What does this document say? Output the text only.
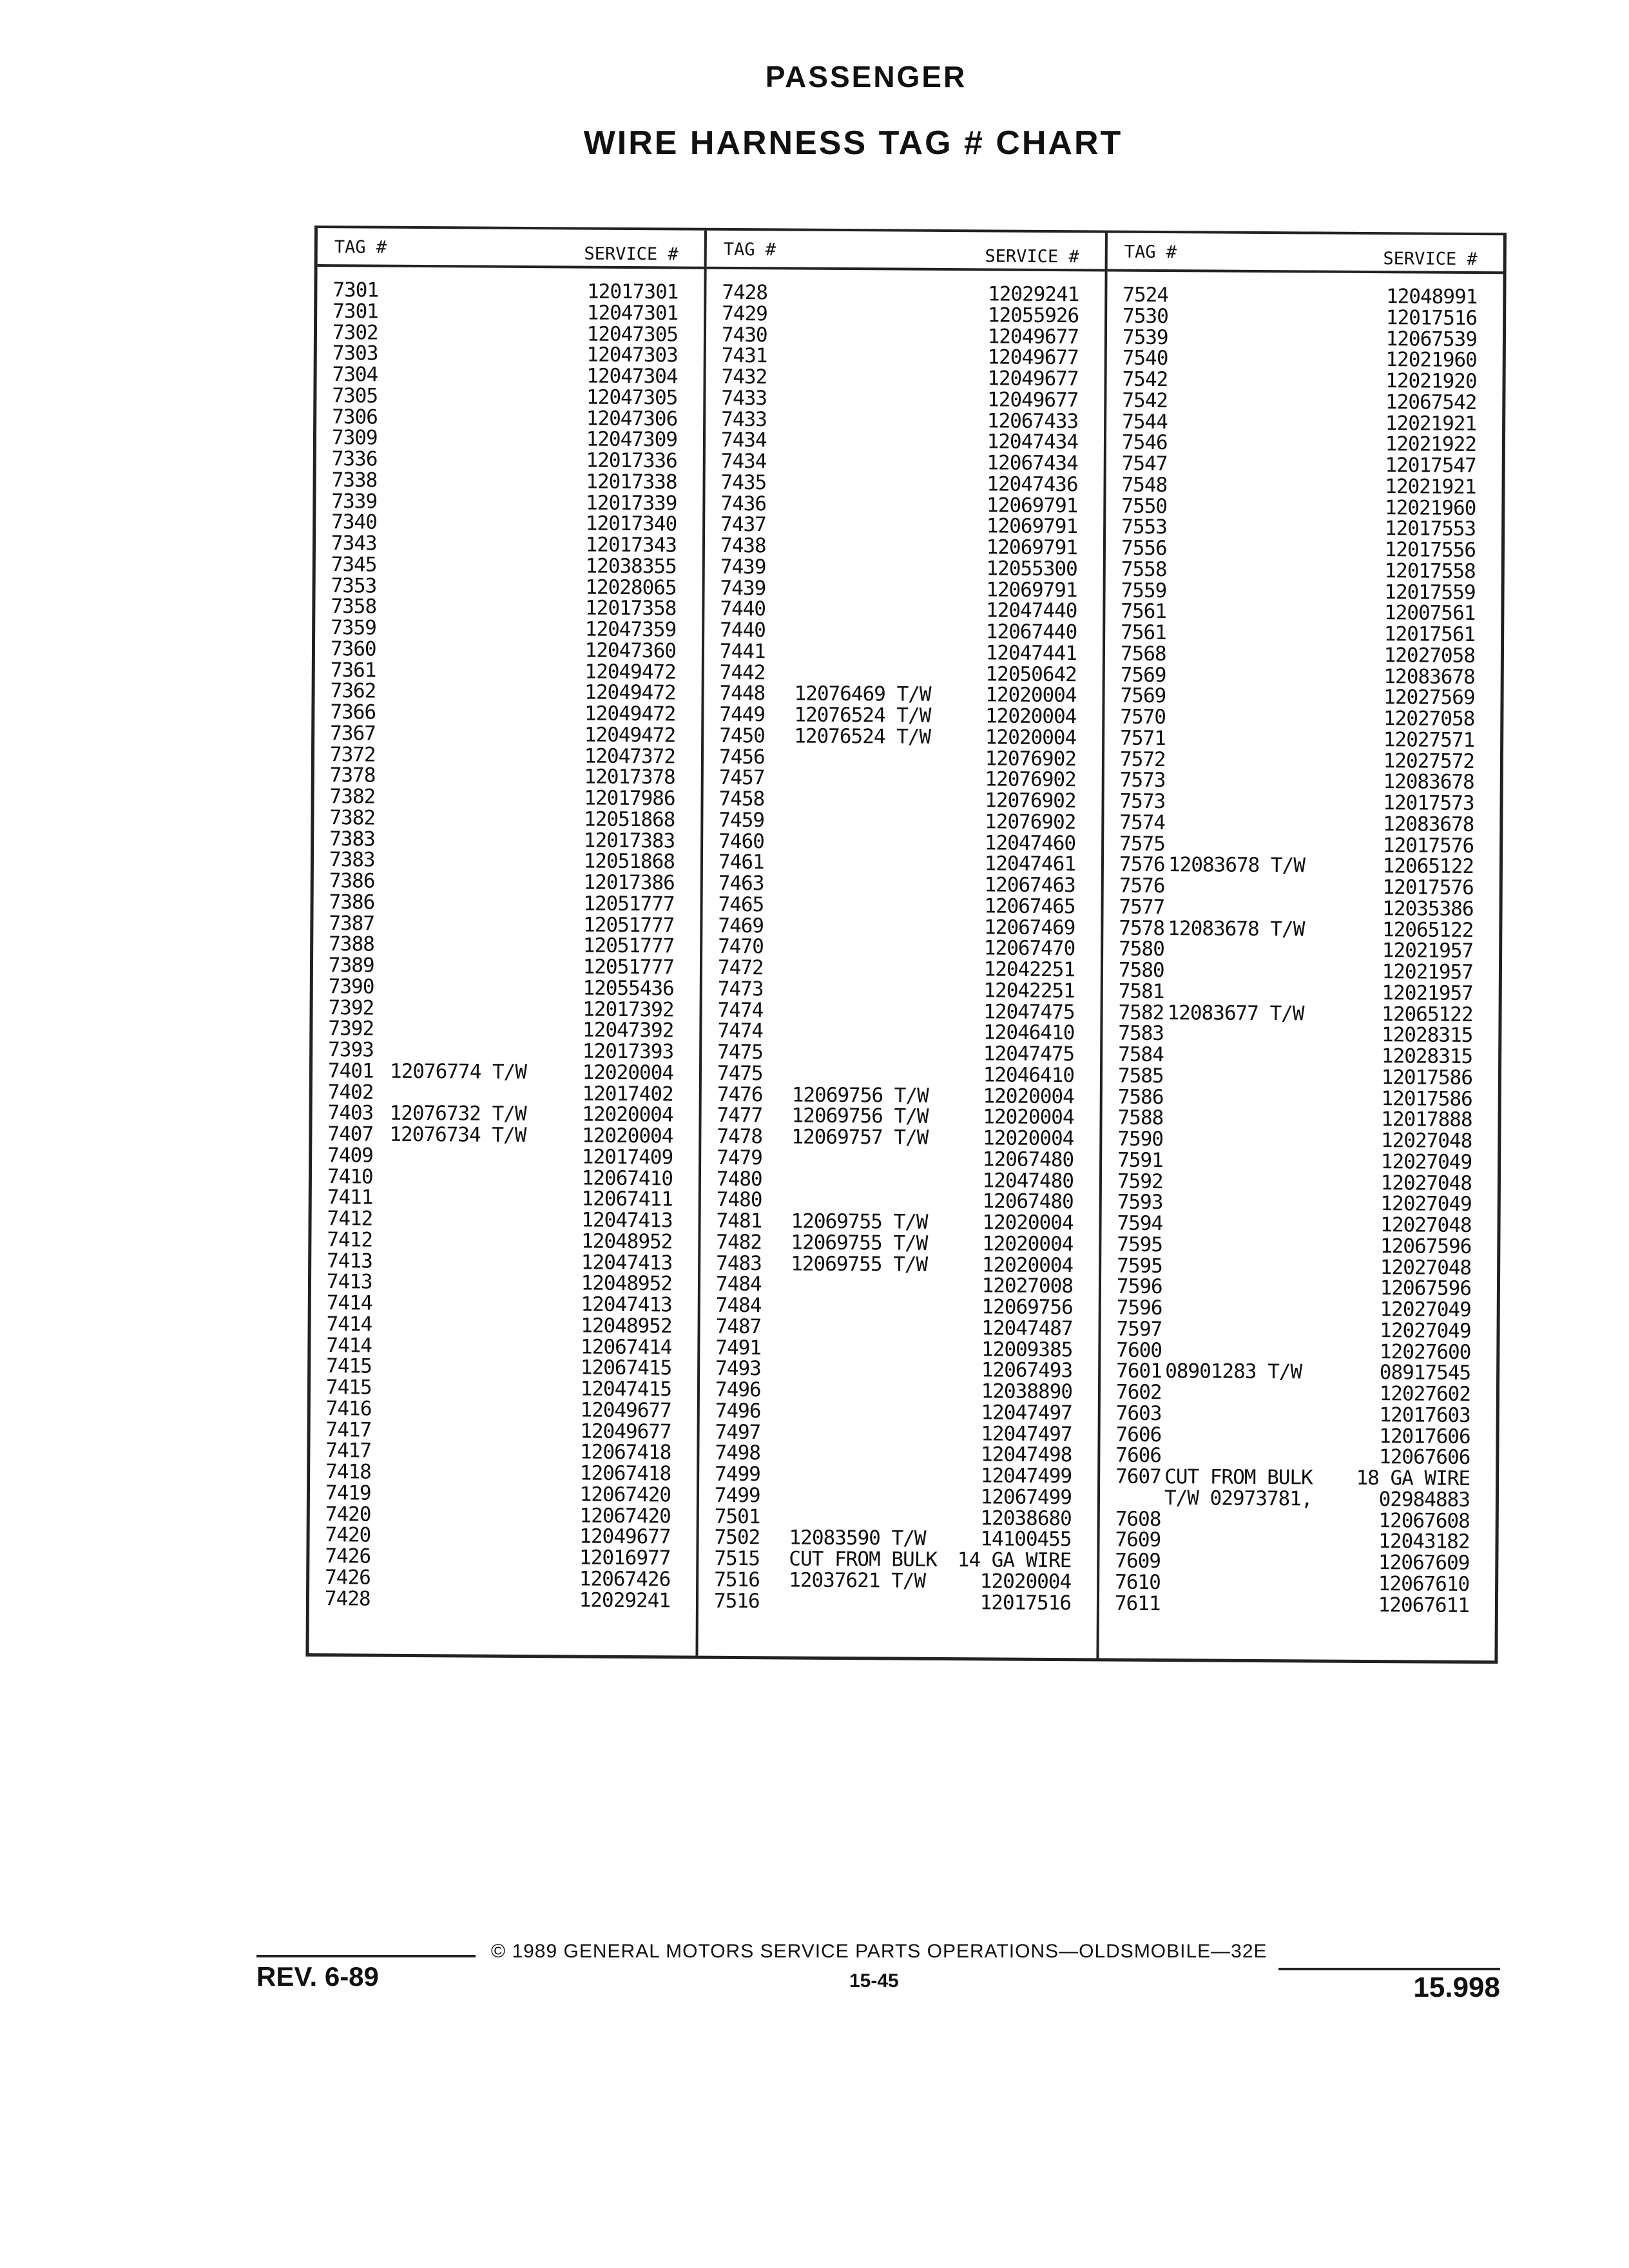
PASSENGER
WIRE HARNESS TAG # CHART
TAG #	SERVICE #
7301	12017301
7301	12047301
7302	12047305
7303	12047303
7304	12047304
7305	12047305
7306	12047306
7309	12047309
7336	12017336
7338	12017338
7339	12017339
7340	12017340
7343	12017343
7345	12038355
7353	12028065
7358	12017358
7359	12047359
7360	12047360
7361	12049472
7362	12049472
7366	12049472
7367	12049472
7372	12047372
7378	12017378
7382	12017986
7382	12051868
7383	12017383
7383	12051868
7386	12017386
7386	12051777
7387	12051777
7388	12051777
7389	12051777
7390	12055436
7392	12017392
7392	12047392
7393	12017393
7401 12076774 T/W	12020004
7402	12017402
7403 12076732 T/W	12020004
7407 12076734 T/W	12020004
7409	12017409
7410	12067410
7411	12067411
7412	12047413
7412	12048952
7413	12047413
7413	12048952
7414	12047413
7414	12048952
7414	12067414
7415	12067415
7415	12047415
7416	12049677
7417	12049677
7417	12067418
7418	12067418
7419	12067420
7420	12067420
7420	12049677
7426	12016977
7426	12067426
7428	12029241
TAG #	SERVICE #
7428	12029241
7429	12055926
7430	12049677
7431	12049677
7432	12049677
7433	12049677
7433	12067433
7434	12047434
7434	12067434
7435	12047436
7436	12069791
7437	12069791
7438	12069791
7439	12055300
7439	12069791
7440	12047440
7440	12067440
7441	12047441
7442	12050642
7448 12076469 T/W	12020004
7449 12076524 T/W	12020004
7450 12076524 T/W	12020004
7456	12076902
7457	12076902
7458	12076902
7459	12076902
7460	12047460
7461	12047461
7463	12067463
7465	12067465
7469	12067469
7470	12067470
7472	12042251
7473	12042251
7474	12047475
7474	12046410
7475	12047475
7475	12046410
7476 12069756 T/W	12020004
7477 12069756 T/W	12020004
7478 12069757 T/W	12020004
7479	12067480
7480	12047480
7480	12067480
7481 12069755 T/W	12020004
7482 12069755 T/W	12020004
7483 12069755 T/W	12020004
7484	12027008
7484	12069756
7487	12047487
7491	12009385
7493	12067493
7496	12038890
7496	12047497
7497	12047497
7498	12047498
7499	12047499
7499	12067499
7501	12038680
7502 12083590 T/W	14100455
7515 CUT FROM BULK 14 GA WIRE
7516 12037621 T/W	12020004
7516	12017516
TAG #	SERVICE #
7524	12048991
7530	12017516
7539	12067539
7540	12021960
7542	12021920
7542	12067542
7544	12021921
7546	12021922
7547	12017547
7548	12021921
7550	12021960
7553	12017553
7556	12017556
7558	12017558
7559	12017559
7561	12007561
7561	12017561
7568	12027058
7569	12083678
7569	12027569
7570	12027058
7571	12027571
7572	12027572
7573	12083678
7573	12017573
7574	12083678
7575	12017576
7576 12083678 T/W	12065122
7576	12017576
7577	12035386
7578 12083678 T/W	12065122
7580	12021957
7580	12021957
7581	12021957
7582 12083677 T/W	12065122
7583	12028315
7584	12028315
7585	12017586
7586	12017586
7588	12017888
7590	12027048
7591	12027049
7592	12027048
7593	12027049
7594	12027048
7595	12067596
7595	12027048
7596	12067596
7596	12027049
7597	12027049
7600	12027600
7601 08901283 T/W	08917545
7602	12027602
7603	12017603
7606	12017606
7606	12067606
7607 CUT FROM BULK 18 GA WIRE
T/W 02973781,	02984883
7608	12067608
7609	12043182
7609	12067609
7610	12067610
7611	12067611
REV. 6-89
© 1989 GENERAL MOTORS SERVICE PARTS OPERATIONS—OLDSMOBILE—32E
15-45	15.998
